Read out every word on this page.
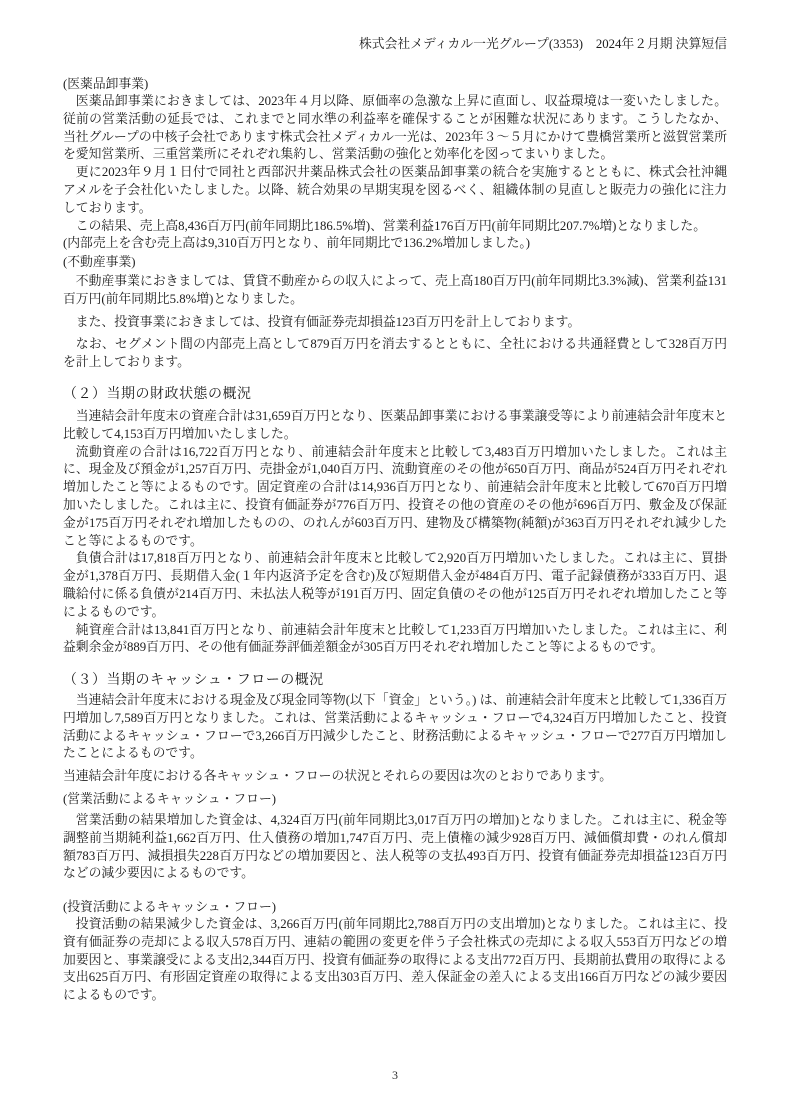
株式会社メディカル一光グループ(3353)　2024年２月期 決算短信
(医薬品卸事業)

医薬品卸事業におきましては、2023年４月以降、原価率の急激な上昇に直面し、収益環境は一変いたしました。従前の営業活動の延長では、これまでと同水準の利益率を確保することが困難な状況にあります。こうしたなか、当社グループの中核子会社であります株式会社メディカル一光は、2023年３～５月にかけて豊橋営業所と滋賀営業所を愛知営業所、三重営業所にそれぞれ集約し、営業活動の強化と効率化を図ってまいりました。

更に2023年９月１日付で同社と西部沢井薬品株式会社の医薬品卸事業の統合を実施するとともに、株式会社沖縄アメルを子会社化いたしました。以降、統合効果の早期実現を図るべく、組織体制の見直しと販売力の強化に注力しております。

この結果、売上高8,436百万円(前年同期比186.5%増)、営業利益176百万円(前年同期比207.7%増)となりました。

(内部売上を含む売上高は9,310百万円となり、前年同期比で136.2%増加しました。)

(不動産事業)

不動産事業におきましては、賃貸不動産からの収入によって、売上高180百万円(前年同期比3.3%減)、営業利益131百万円(前年同期比5.8%増)となりました。

また、投資事業におきましては、投資有価証券売却損益123百万円を計上しております。

なお、セグメント間の内部売上高として879百万円を消去するとともに、全社における共通経費として328百万円を計上しております。

（２）当期の財政状態の概況

当連結会計年度末の資産合計は31,659百万円となり、医薬品卸事業における事業譲受等により前連結会計年度末と比較して4,153百万円増加いたしました。

流動資産の合計は16,722百万円となり、前連結会計年度末と比較して3,483百万円増加いたしました。これは主に、現金及び預金が1,257百万円、売掛金が1,040百万円、流動資産のその他が650百万円、商品が524百万円それぞれ増加したこと等によるものです。固定資産の合計は14,936百万円となり、前連結会計年度末と比較して670百万円増加いたしました。これは主に、投資有価証券が776百万円、投資その他の資産のその他が696百万円、敷金及び保証金が175百万円それぞれ増加したものの、のれんが603百万円、建物及び構築物(純額)が363百万円それぞれ減少したこと等によるものです。

負債合計は17,818百万円となり、前連結会計年度末と比較して2,920百万円増加いたしました。これは主に、買掛金が1,378百万円、長期借入金(１年内返済予定を含む)及び短期借入金が484百万円、電子記録債務が333百万円、退職給付に係る負債が214百万円、未払法人税等が191百万円、固定負債のその他が125百万円それぞれ増加したこと等によるものです。

純資産合計は13,841百万円となり、前連結会計年度末と比較して1,233百万円増加いたしました。これは主に、利益剰余金が889百万円、その他有価証券評価差額金が305百万円それぞれ増加したこと等によるものです。

（３）当期のキャッシュ・フローの概況

当連結会計年度末における現金及び現金同等物(以下「資金」という。) は、前連結会計年度末と比較して1,336百万円増加し7,589百万円となりました。これは、営業活動によるキャッシュ・フローで4,324百万円増加したこと、投資活動によるキャッシュ・フローで3,266百万円減少したこと、財務活動によるキャッシュ・フローで277百万円増加したことによるものです。

当連結会計年度における各キャッシュ・フローの状況とそれらの要因は次のとおりであります。

(営業活動によるキャッシュ・フロー)

営業活動の結果増加した資金は、4,324百万円(前年同期比3,017百万円の増加)となりました。これは主に、税金等調整前当期純利益1,662百万円、仕入債務の増加1,747百万円、売上債権の減少928百万円、減価償却費・のれん償却額783百万円、減損損失228百万円などの増加要因と、法人税等の支払493百万円、投資有価証券売却損益123百万円などの減少要因によるものです。

(投資活動によるキャッシュ・フロー)

投資活動の結果減少した資金は、3,266百万円(前年同期比2,788百万円の支出増加)となりました。これは主に、投資有価証券の売却による収入578百万円、連結の範囲の変更を伴う子会社株式の売却による収入553百万円などの増加要因と、事業譲受による支出2,344百万円、投資有価証券の取得による支出772百万円、長期前払費用の取得による支出625百万円、有形固定資産の取得による支出303百万円、差入保証金の差入による支出166百万円などの減少要因によるものです。

3
